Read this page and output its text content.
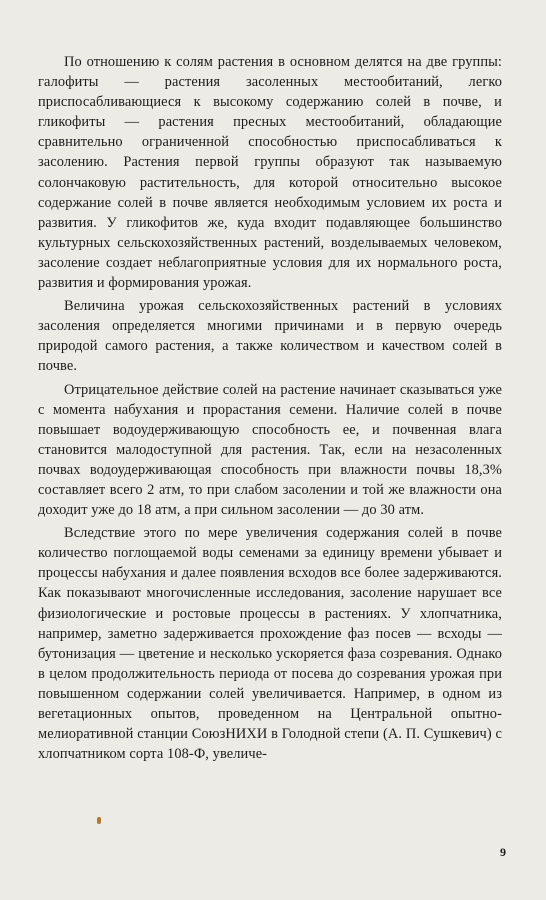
По отношению к солям растения в основном делятся на две группы: галофиты — растения засоленных местообитаний, легко приспосабливающиеся к высокому содержанию солей в почве, и гликофиты — растения пресных местообитаний, обладающие сравнительно ограниченной способностью приспосабливаться к засолению. Растения первой группы образуют так называемую солончаковую растительность, для которой относительно высокое содержание солей в почве является необходимым условием их роста и развития. У гликофитов же, куда входит подавляющее большинство культурных сельскохозяйственных растений, возделываемых человеком, засоление создает неблагоприятные условия для их нормального роста, развития и формирования урожая.

Величина урожая сельскохозяйственных растений в условиях засоления определяется многими причинами и в первую очередь природой самого растения, а также количеством и качеством солей в почве.

Отрицательное действие солей на растение начинает сказываться уже с момента набухания и прорастания семени. Наличие солей в почве повышает водоудерживающую способность ее, и почвенная влага становится малодоступной для растения. Так, если на незасоленных почвах водоудерживающая способность при влажности почвы 18,3% составляет всего 2 атм, то при слабом засолении и той же влажности она доходит уже до 18 атм, а при сильном засолении — до 30 атм.

Вследствие этого по мере увеличения содержания солей в почве количество поглощаемой воды семенами за единицу времени убывает и процессы набухания и далее появления всходов все более задерживаются. Как показывают многочисленные исследования, засоление нарушает все физиологические и ростовые процессы в растениях. У хлопчатника, например, заметно задерживается прохождение фаз посев — всходы — бутонизация — цветение и несколько ускоряется фаза созревания. Однако в целом продолжительность периода от посева до созревания урожая при повышенном содержании солей увеличивается. Например, в одном из вегетационных опытов, проведенном на Центральной опытно-мелиоративной станции СоюзНИХИ в Голодной степи (А. П. Сушкевич) с хлопчатником сорта 108-Ф, увеличе-

9
